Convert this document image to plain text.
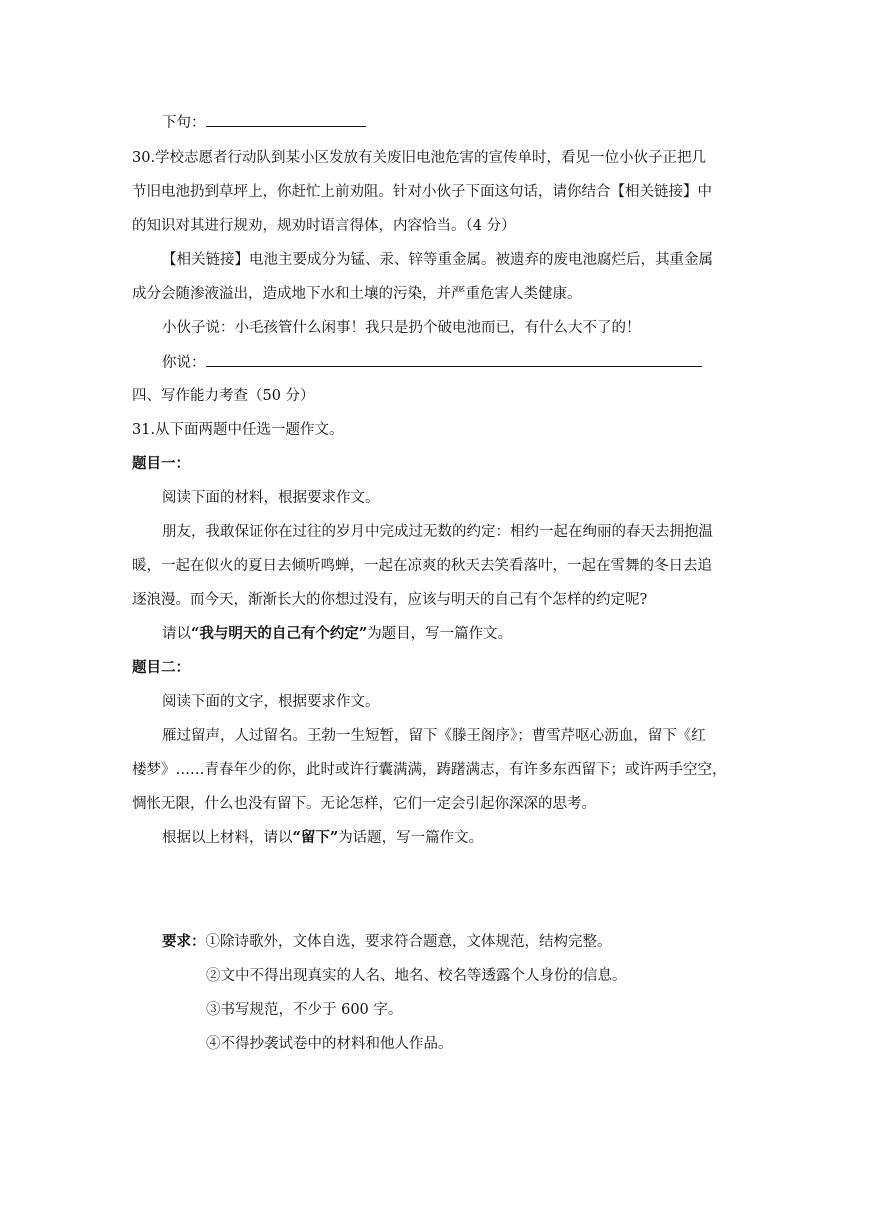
下句：
30.学校志愿者行动队到某小区发放有关废旧电池危害的宣传单时，看见一位小伙子正把几
节旧电池扔到草坪上，你赶忙上前劝阻。针对小伙子下面这句话，请你结合【相关链接】中
的知识对其进行规劝，规劝时语言得体，内容恰当。（4 分）
【相关链接】电池主要成分为锰、汞、锌等重金属。被遗弃的废电池腐烂后，其重金属
成分会随渗液溢出，造成地下水和土壤的污染，并严重危害人类健康。
小伙子说：小毛孩管什么闲事！我只是扔个破电池而已，有什么大不了的！
你说：
四、写作能力考查（50 分）
31.从下面两题中任选一题作文。
题目一：
阅读下面的材料，根据要求作文。
朋友，我敢保证你在过往的岁月中完成过无数的约定：相约一起在绚丽的春天去拥抱温
暖，一起在似火的夏日去倾听鸣蝉，一起在凉爽的秋天去笑看落叶，一起在雪舞的冬日去追
逐浪漫。而今天，渐渐长大的你想过没有，应该与明天的自己有个怎样的约定呢?
请以“我与明天的自己有个约定”为题目，写一篇作文。
题目二：
阅读下面的文字，根据要求作文。
雁过留声，人过留名。王勃一生短暂，留下《滕王阁序》；曹雪芹呕心沥血，留下《红
楼梦》……青春年少的你，此时或许行囊满满，踌躇满志，有许多东西留下；或许两手空空，
惆怅无限，什么也没有留下。无论怎样，它们一定会引起你深深的思考。
根据以上材料，请以“留下”为话题，写一篇作文。
要求：①除诗歌外，文体自选，要求符合题意，文体规范，结构完整。
②文中不得出现真实的人名、地名、校名等透露个人身份的信息。
③书写规范，不少于 600 字。
④不得抄袭试卷中的材料和他人作品。
